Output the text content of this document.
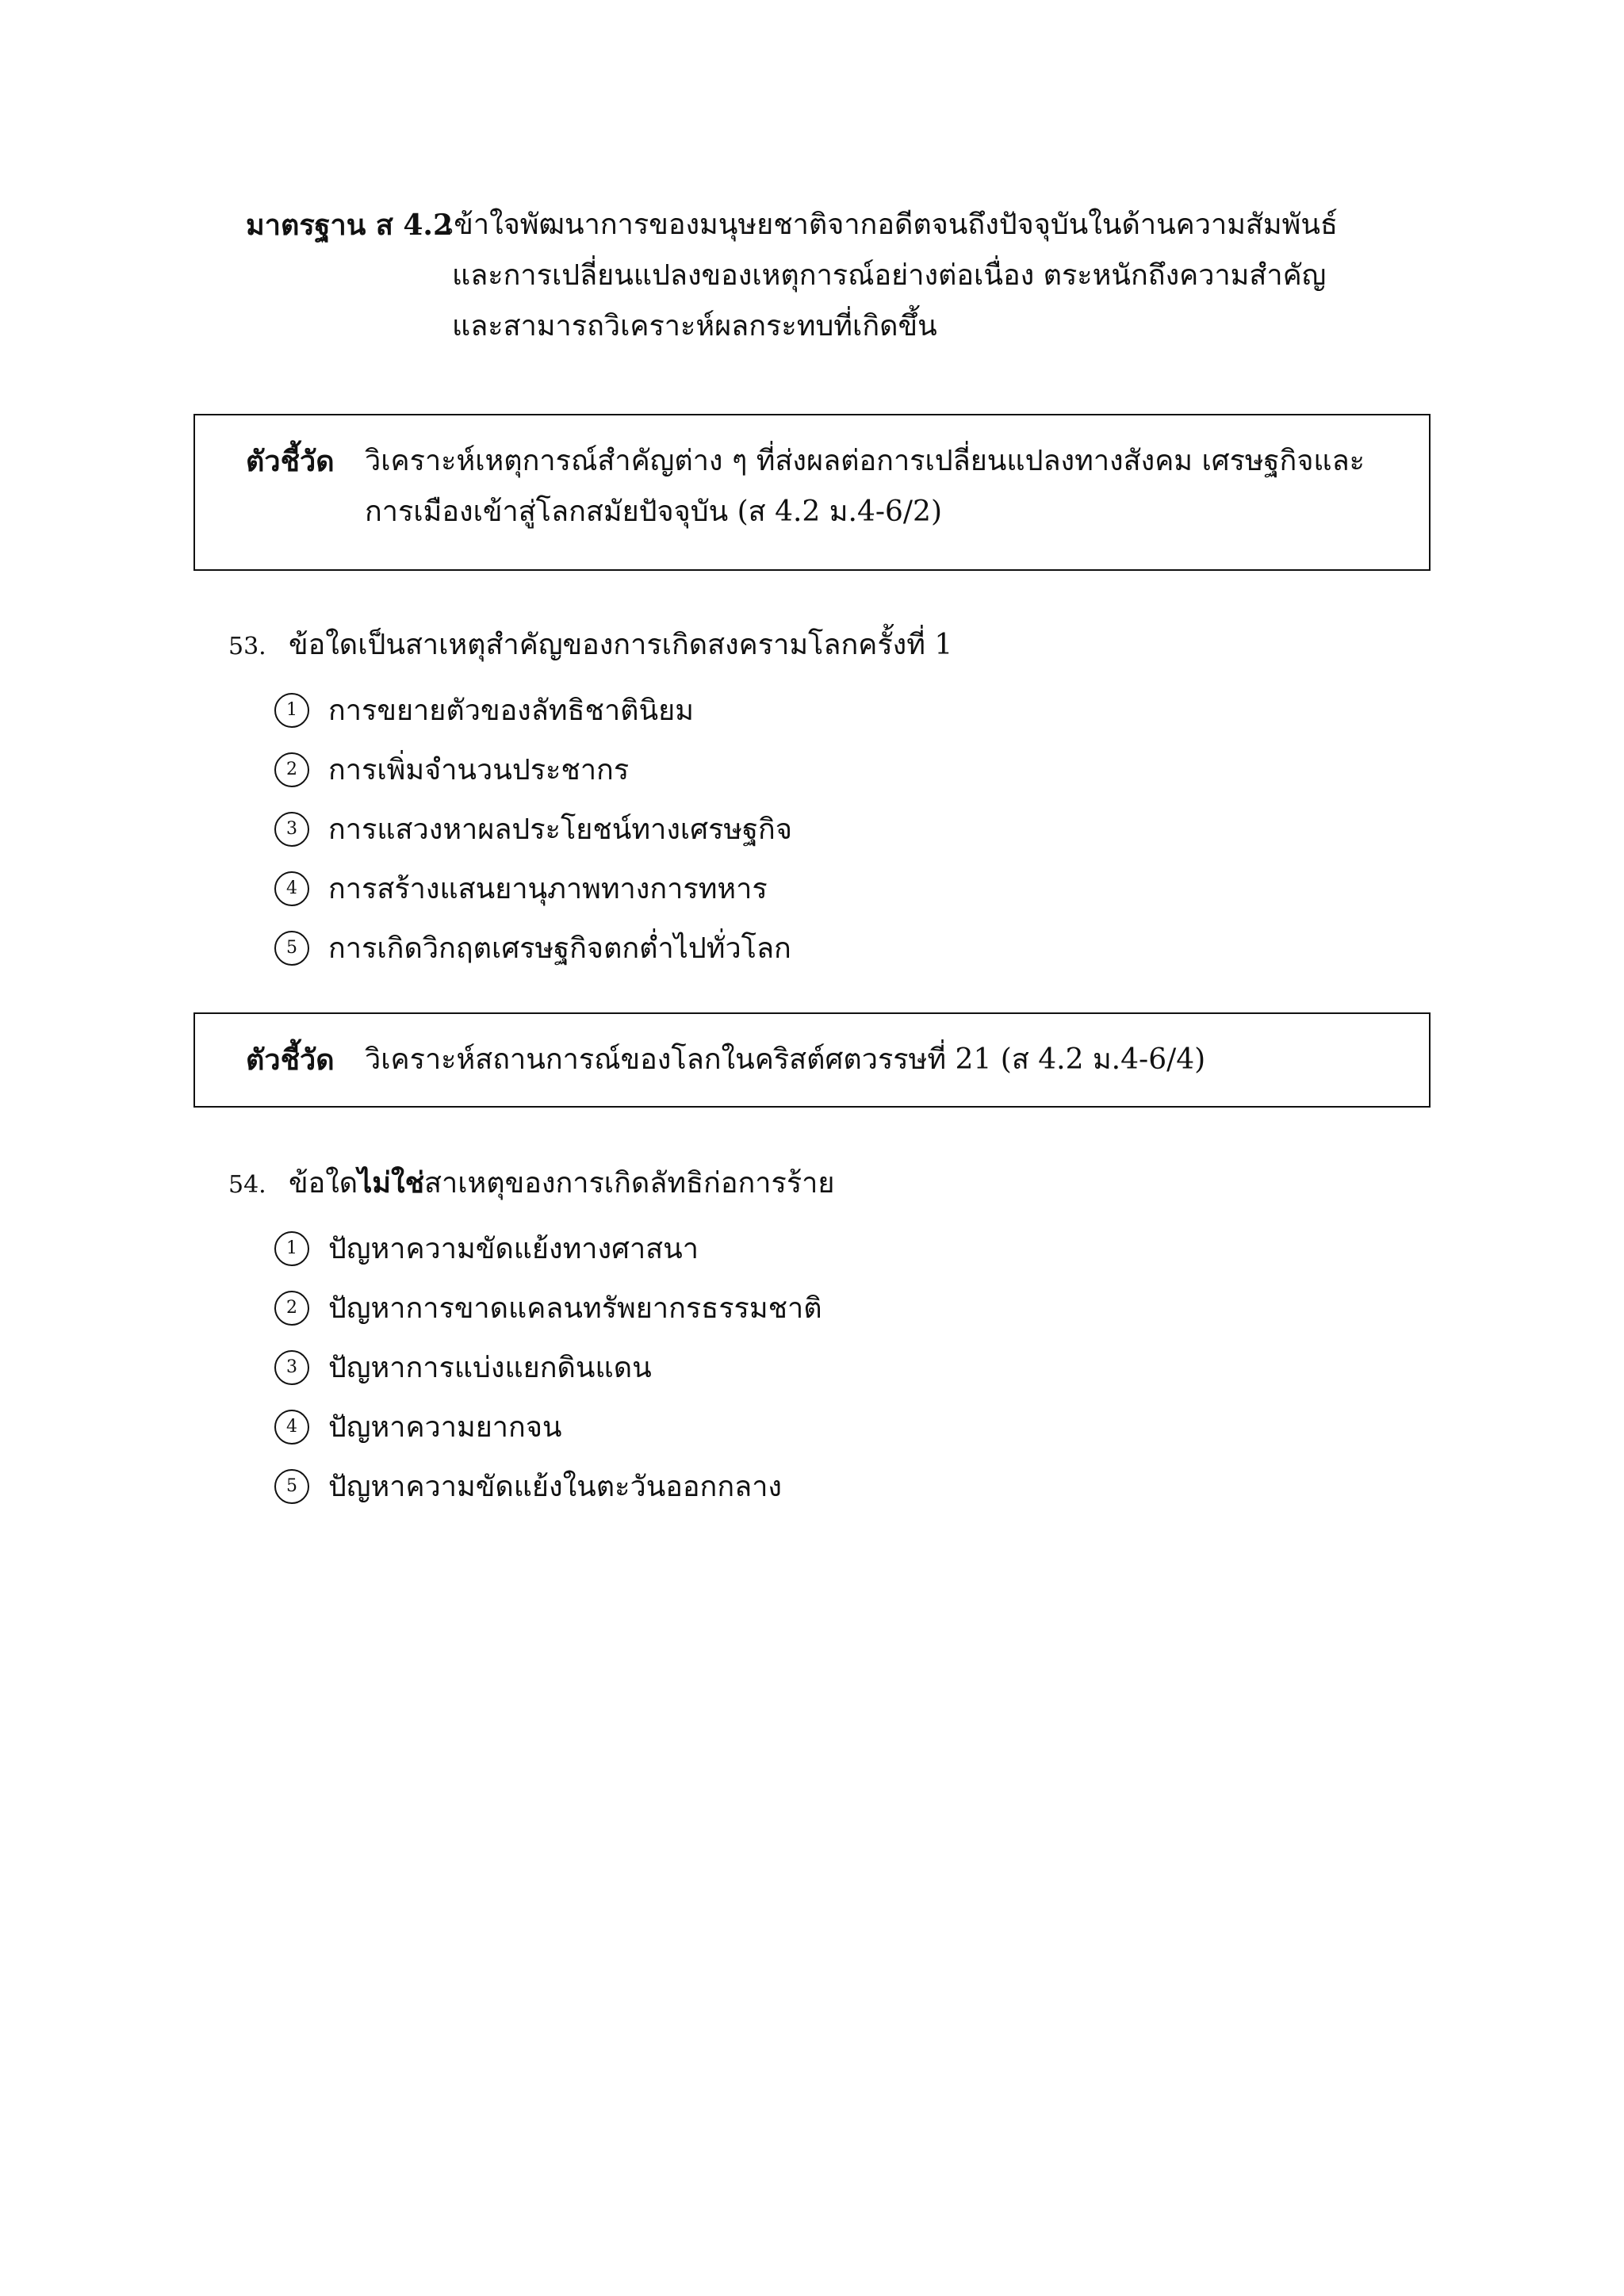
มาตรฐาน ส 4.2
เข้าใจพัฒนาการของมนุษยชาติจากอดีตจนถึงปัจจุบันในด้านความสัมพันธ์
และการเปลี่ยนแปลงของเหตุการณ์อย่างต่อเนื่อง ตระหนักถึงความสำคัญ
และสามารถวิเคราะห์ผลกระทบที่เกิดขึ้น
ตัวชี้วัด วิเคราะห์เหตุการณ์สำคัญต่าง ๆ ที่ส่งผลต่อการเปลี่ยนแปลงทางสังคม เศรษฐกิจและ
การเมืองเข้าสู่โลกสมัยปัจจุบัน (ส 4.2 ม.4-6/2)
53. ข้อใดเป็นสาเหตุสำคัญของการเกิดสงครามโลกครั้งที่ 1
1	การขยายตัวของลัทธิชาตินิยม
2	การเพิ่มจำนวนประชากร
3	การแสวงหาผลประโยชน์ทางเศรษฐกิจ
4	การสร้างแสนยานุภาพทางการทหาร
5	การเกิดวิกฤตเศรษฐกิจตกต่ำไปทั่วโลก
ตัวชี้วัด วิเคราะห์สถานการณ์ของโลกในคริสต์ศตวรรษที่ 21 (ส 4.2 ม.4-6/4)
54. ข้อใดไม่ใช่สาเหตุของการเกิดลัทธิก่อการร้าย
1	ปัญหาความขัดแย้งทางศาสนา
2	ปัญหาการขาดแคลนทรัพยากรธรรมชาติ
3	ปัญหาการแบ่งแยกดินแดน
4	ปัญหาความยากจน
5	ปัญหาความขัดแย้งในตะวันออกกลาง
